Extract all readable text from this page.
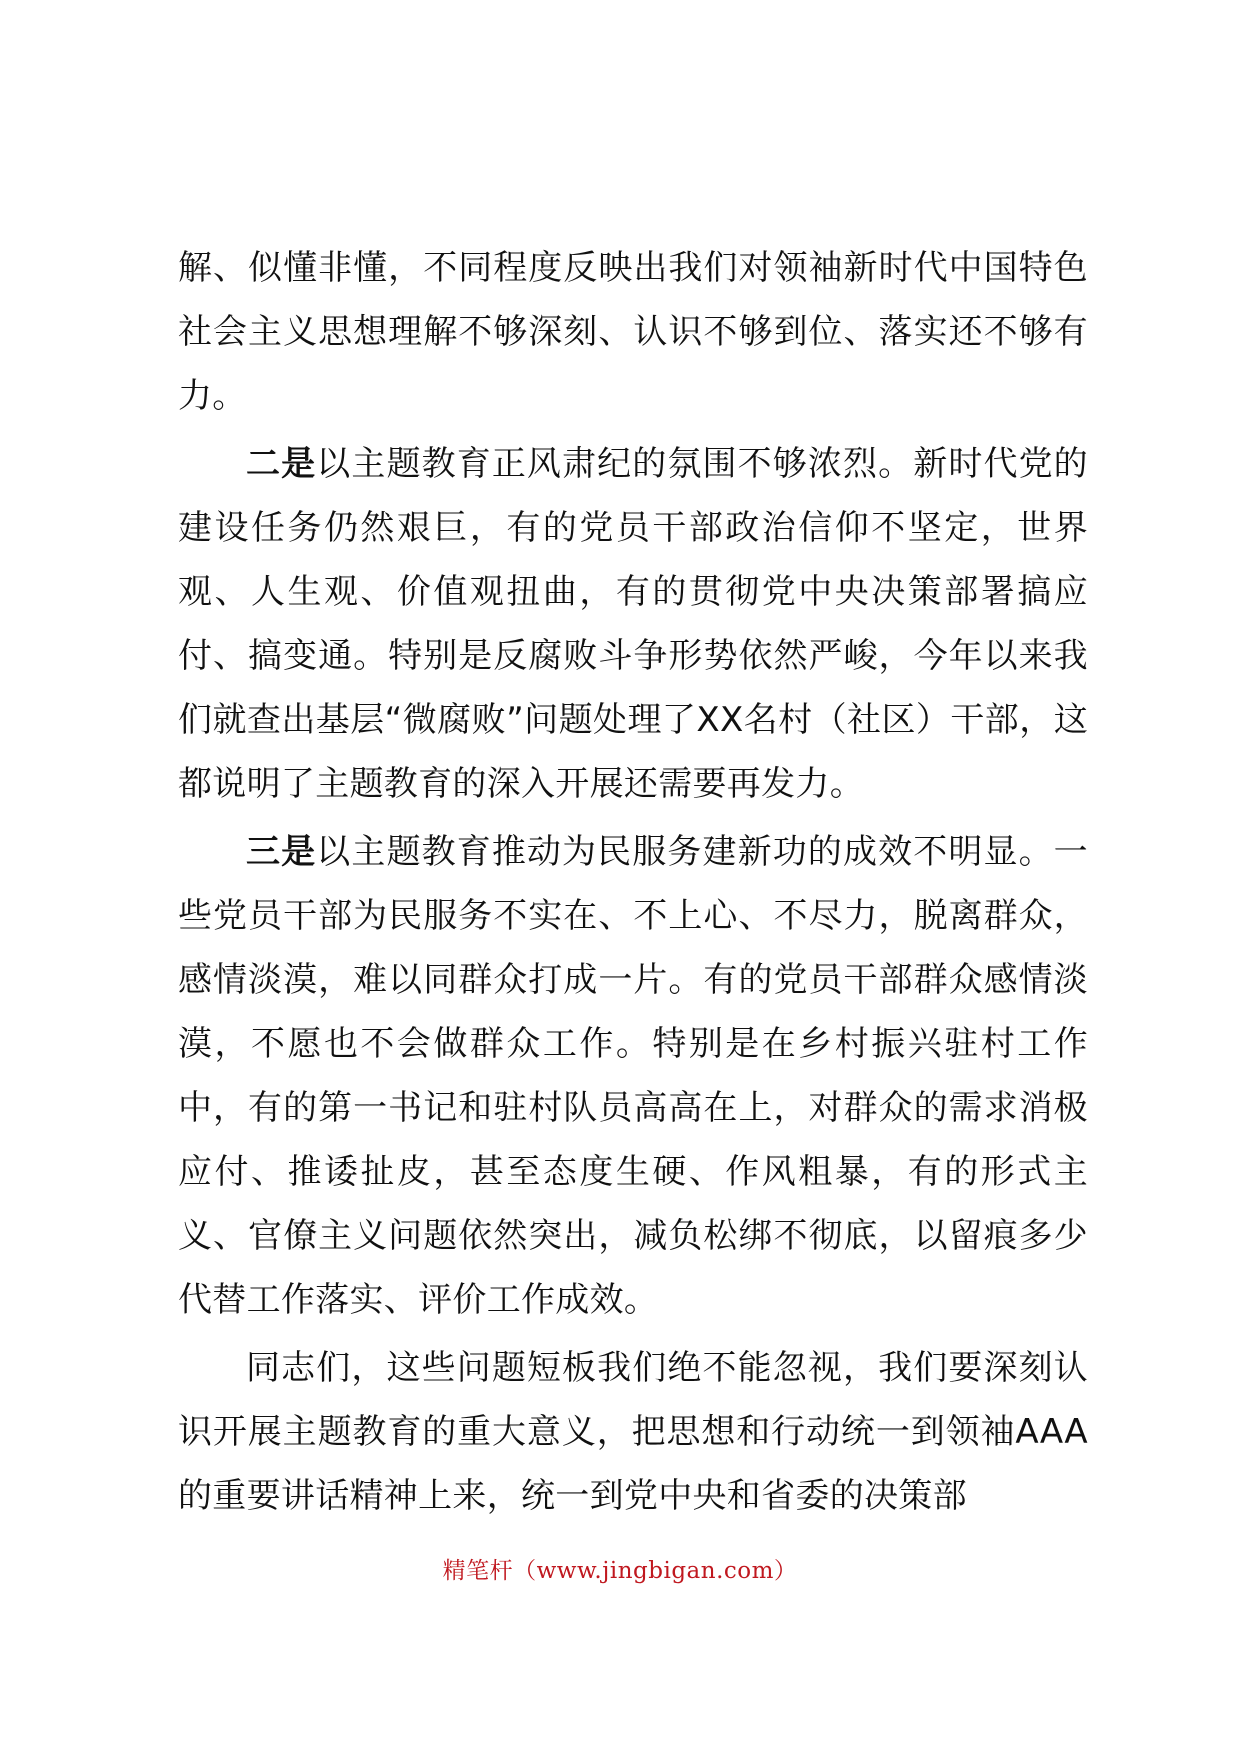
解、似懂非懂，不同程度反映出我们对领袖新时代中国特色社会主义思想理解不够深刻、认识不够到位、落实还不够有力。

二是以主题教育正风肃纪的氛围不够浓烈。新时代党的建设任务仍然艰巨，有的党员干部政治信仰不坚定，世界观、人生观、价值观扭曲，有的贯彻党中央决策部署搞应付、搞变通。特别是反腐败斗争形势依然严峻，今年以来我们就查出基层“微腐败”问题处理了XX名村（社区）干部，这都说明了主题教育的深入开展还需要再发力。

三是以主题教育推动为民服务建新功的成效不明显。一些党员干部为民服务不实在、不上心、不尽力，脱离群众，感情淡漠，难以同群众打成一片。有的党员干部群众感情淡漠，不愿也不会做群众工作。特别是在乡村振兴驻村工作中，有的第一书记和驻村队员高高在上，对群众的需求消极应付、推诿扯皮，甚至态度生硬、作风粗暴，有的形式主义、官僚主义问题依然突出，减负松绑不彻底，以留痕多少代替工作落实、评价工作成效。

同志们，这些问题短板我们绝不能忽视，我们要深刻认识开展主题教育的重大意义，把思想和行动统一到领袖AAA的重要讲话精神上来，统一到党中央和省委的决策部

精笔杆（www.jingbigan.com）
